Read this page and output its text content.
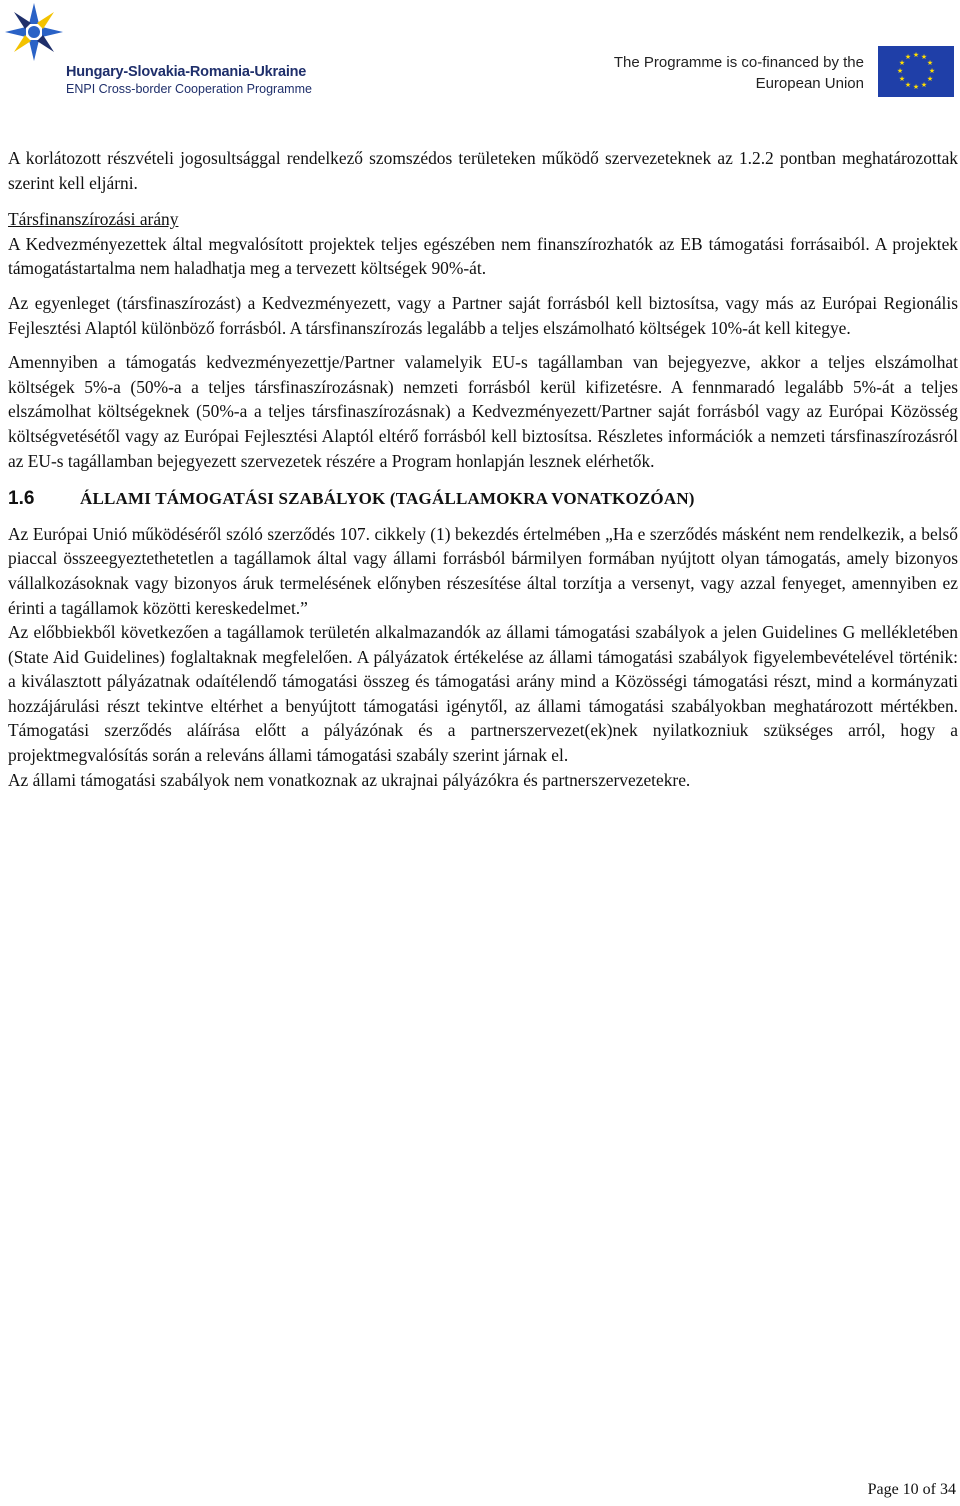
Hungary-Slovakia-Romania-Ukraine
ENPI Cross-border Cooperation Programme
The Programme is co-financed by the
European Union
★ ★
★
★
★
★
★
★
★
★
★
★

A korlátozott részvételi jogosultsággal rendelkező szomszédos területeken működő szervezeteknek az 1.2.2 pontban meghatározottak szerint kell eljárni.

Társfinanszírozási arány

A Kedvezményezettek által megvalósított projektek teljes egészében nem finanszírozhatók az EB támogatási forrásaiból. A projektek támogatástartalma nem haladhatja meg a tervezett költségek 90%-át.

Az egyenleget (társfinaszírozást) a Kedvezményezett, vagy a Partner saját forrásból kell biztosítsa, vagy más az Európai Regionális Fejlesztési Alaptól különböző forrásból. A társfinanszírozás legalább a teljes elszámolható költségek 10%-át kell kitegye.

Amennyiben a támogatás kedvezményezettje/Partner valamelyik EU-s tagállamban van bejegyezve, akkor a teljes elszámolhat költségek 5%-a (50%-a a teljes társfinaszírozásnak) nemzeti forrásból kerül kifizetésre. A fennmaradó legalább 5%-át a teljes elszámolhat költségeknek (50%-a a teljes társfinaszírozásnak) a Kedvezményezett/Partner saját forrásból vagy az Európai Közösség költségvetésétől vagy az Európai Fejlesztési Alaptól eltérő forrásból kell biztosítsa. Részletes információk a nemzeti társfinaszírozásról az EU-s tagállamban bejegyezett szervezetek részére a Program honlapján lesznek elérhetők.

1.6	ÁLLAMI TÁMOGATÁSI SZABÁLYOK (TAGÁLLAMOKRA VONATKOZÓAN)

Az Európai Unió működéséről szóló szerződés 107. cikkely (1) bekezdés értelmében „Ha e szerződés másként nem rendelkezik, a belső piaccal összeegyeztethetetlen a tagállamok által vagy állami forrásból bármilyen formában nyújtott olyan támogatás, amely bizonyos vállalkozásoknak vagy bizonyos áruk termelésének előnyben részesítése által torzítja a versenyt, vagy azzal fenyeget, amennyiben ez érinti a tagállamok közötti kereskedelmet.”

Az előbbiekből következően a tagállamok területén alkalmazandók az állami támogatási szabályok a jelen Guidelines G mellékletében (State Aid Guidelines) foglaltaknak megfelelően. A pályázatok értékelése az állami támogatási szabályok figyelembevételével történik: a kiválasztott pályázatnak odaítélendő támogatási összeg és támogatási arány mind a Közösségi támogatási részt, mind a kormányzati hozzájárulási részt tekintve eltérhet a benyújtott támogatási igénytől, az állami támogatási szabályokban meghatározott mértékben. Támogatási szerződés aláírása előtt a pályázónak és a partnerszervezet(ek)nek nyilatkozniuk szükséges arról, hogy a projektmegvalósítás során a releváns állami támogatási szabály szerint járnak el.

Az állami támogatási szabályok nem vonatkoznak az ukrajnai pályázókra és partnerszervezetekre.

Page 10 of 34
